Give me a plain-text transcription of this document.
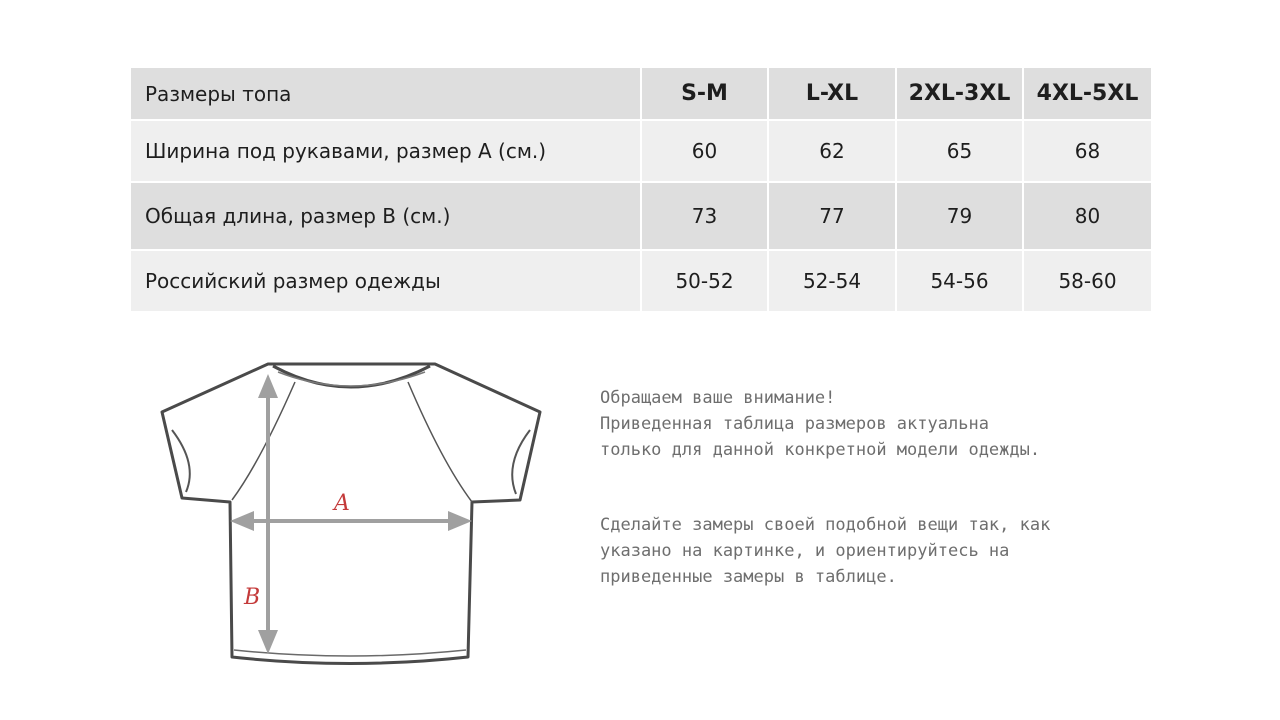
Размеры топа	S-M	L-XL	2XL-3XL	4XL-5XL
Ширина под рукавами, размер А (см.)	60	62	65	68
Общая длина, размер В (см.)	73	77	79	80
Российский размер одежды	50-52	52-54	54-56	58-60
A
B

Обращаем ваше внимание!

Приведенная таблица размеров актуальна

только для данной конкретной модели одежды.

Сделайте замеры своей подобной вещи так, как

указано на картинке, и ориентируйтесь на

приведенные замеры в таблице.
